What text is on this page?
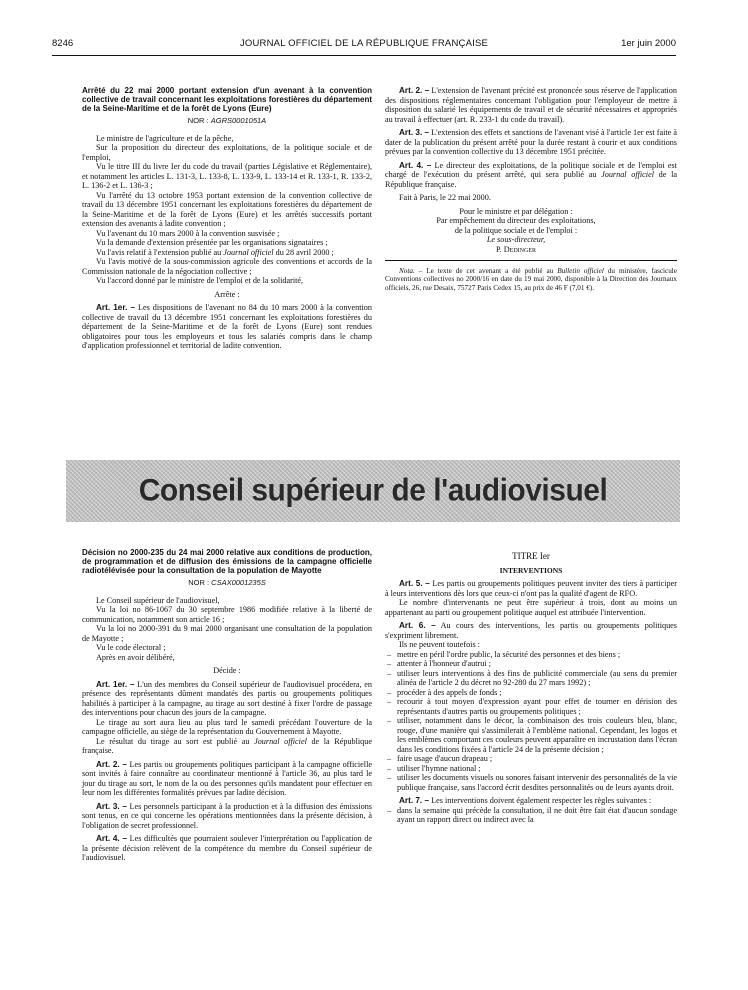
8246	JOURNAL OFFICIEL DE LA RÉPUBLIQUE FRANÇAISE	1er juin 2000

Arrêté du 22 mai 2000 portant extension d'un avenant à la convention collective de travail concernant les exploitations forestières du département de la Seine-Maritime et de la forêt de Lyons (Eure)

NOR : AGRS0001051A

Le ministre de l'agriculture et de la pêche,

Sur la proposition du directeur des exploitations, de la politique sociale et de l'emploi,

Vu le titre III du livre Ier du code du travail (parties Législative et Réglementaire), et notamment les articles L. 131-3, L. 133-8, L. 133-9, L. 133-14 et R. 133-1, R. 133-2, L. 136-2 et L. 136-3 ;

Vu l'arrêté du 13 octobre 1953 portant extension de la convention collective de travail du 13 décembre 1951 concernant les exploitations forestières du département de la Seine-Maritime et de la forêt de Lyons (Eure) et les arrêtés successifs portant extension des avenants à ladite convention ;

Vu l'avenant du 10 mars 2000 à la convention susvisée ;

Vu la demande d'extension présentée par les organisations signataires ;

Vu l'avis relatif à l'extension publié au Journal officiel du 28 avril 2000 ;

Vu l'avis motivé de la sous-commission agricole des conventions et accords de la Commission nationale de la négociation collective ;

Vu l'accord donné par le ministre de l'emploi et de la solidarité,

Arrête :

Art. 1er. – Les dispositions de l'avenant no 84 du 10 mars 2000 à la convention collective de travail du 13 décembre 1951 concernant les exploitations forestières du département de la Seine-Maritime et de la forêt de Lyons (Eure) sont rendues obligatoires pour tous les employeurs et tous les salariés compris dans le champ d'application professionnel et territorial de ladite convention.

Art. 2. – L'extension de l'avenant précité est prononcée sous réserve de l'application des dispositions réglementaires concernant l'obligation pour l'employeur de mettre à disposition du salarié les équipements de travail et de sécurité nécessaires et appropriés au travail à effectuer (art. R. 233-1 du code du travail).

Art. 3. – L'extension des effets et sanctions de l'avenant visé à l'article 1er est faite à dater de la publication du présent arrêté pour la durée restant à courir et aux conditions prévues par la convention collective du 13 décembre 1951 précitée.

Art. 4. – Le directeur des exploitations, de la politique sociale et de l'emploi est chargé de l'exécution du présent arrêté, qui sera publié au Journal officiel de la République française.

Fait à Paris, le 22 mai 2000.

Pour le ministre et par délégation :
Par empêchement du directeur des exploitations,
de la politique sociale et de l'emploi :
Le sous-directeur,
P. Dedinger

Nota. – Le texte de cet avenant a été publié au Bulletin officiel du ministère, fascicule Conventions collectives no 2000/16 en date du 19 mai 2000, disponible à la Direction des Journaux officiels, 26, rue Desaix, 75727 Paris Cedex 15, au prix de 46 F (7,01 €).

Conseil supérieur de l'audiovisuel

Décision no 2000-235 du 24 mai 2000 relative aux conditions de production, de programmation et de diffusion des émissions de la campagne officielle radiotélévisée pour la consultation de la population de Mayotte

NOR : CSAX0001235S

Le Conseil supérieur de l'audiovisuel,

Vu la loi no 86-1067 du 30 septembre 1986 modifiée relative à la liberté de communication, notamment son article 16 ;

Vu la loi no 2000-391 du 9 mai 2000 organisant une consultation de la population de Mayotte ;

Vu le code électoral ;

Après en avoir délibéré,

Décide :

Art. 1er. – L'un des membres du Conseil supérieur de l'audiovisuel procédera, en présence des représentants dûment mandatés des partis ou groupements politiques habilités à participer à la campagne, au tirage au sort destiné à fixer l'ordre de passage des interventions pour chacun des jours de la campagne.

Le tirage au sort aura lieu au plus tard le samedi précédant l'ouverture de la campagne officielle, au siège de la représentation du Gouvernement à Mayotte.

Le résultat du tirage au sort est publié au Journal officiel de la République française.

Art. 2. – Les partis ou groupements politiques participant à la campagne officielle sont invités à faire connaître au coordinateur mentionné à l'article 36, au plus tard le jour du tirage au sort, le nom de la ou des personnes qu'ils mandatent pour effectuer en leur nom les différentes formalités prévues par ladite décision.

Art. 3. – Les personnels participant à la production et à la diffusion des émissions sont tenus, en ce qui concerne les opérations mentionnées dans la présente décision, à l'obligation de secret professionnel.

Art. 4. – Les difficultés que pourraient soulever l'interprétation ou l'application de la présente décision relèvent de la compétence du membre du Conseil supérieur de l'audiovisuel.

TITRE Ier

INTERVENTIONS

Art. 5. – Les partis ou groupements politiques peuvent inviter des tiers à participer à leurs interventions dès lors que ceux-ci n'ont pas la qualité d'agent de RFO.

Le nombre d'intervenants ne peut être supérieur à trois, dont au moins un appartenant au parti ou groupement politique auquel est attribuée l'intervention.

Art. 6. – Au cours des interventions, les partis ou groupements politiques s'expriment librement.

Ils ne peuvent toutefois :

– mettre en péril l'ordre public, la sécurité des personnes et des biens ;
– attenter à l'honneur d'autrui ;
– utiliser leurs interventions à des fins de publicité commerciale (au sens du premier alinéa de l'article 2 du décret no 92-280 du 27 mars 1992) ;
– procéder à des appels de fonds ;
– recourir à tout moyen d'expression ayant pour effet de tourner en dérision des représentants d'autres partis ou groupements politiques ;
– utiliser, notamment dans le décor, la combinaison des trois couleurs bleu, blanc, rouge, d'une manière qui s'assimilerait à l'emblème national. Cependant, les logos et les emblèmes comportant ces couleurs peuvent apparaître en incrustation dans l'écran dans les conditions fixées à l'article 24 de la présente décision ;
– faire usage d'aucun drapeau ;
– utiliser l'hymne national ;
– utiliser les documents visuels ou sonores faisant intervenir des personnalités de la vie publique française, sans l'accord écrit desdites personnalités ou de leurs ayants droit.

Art. 7. – Les interventions doivent également respecter les règles suivantes :

– dans la semaine qui précède la consultation, il ne doit être fait état d'aucun sondage ayant un rapport direct ou indirect avec la
